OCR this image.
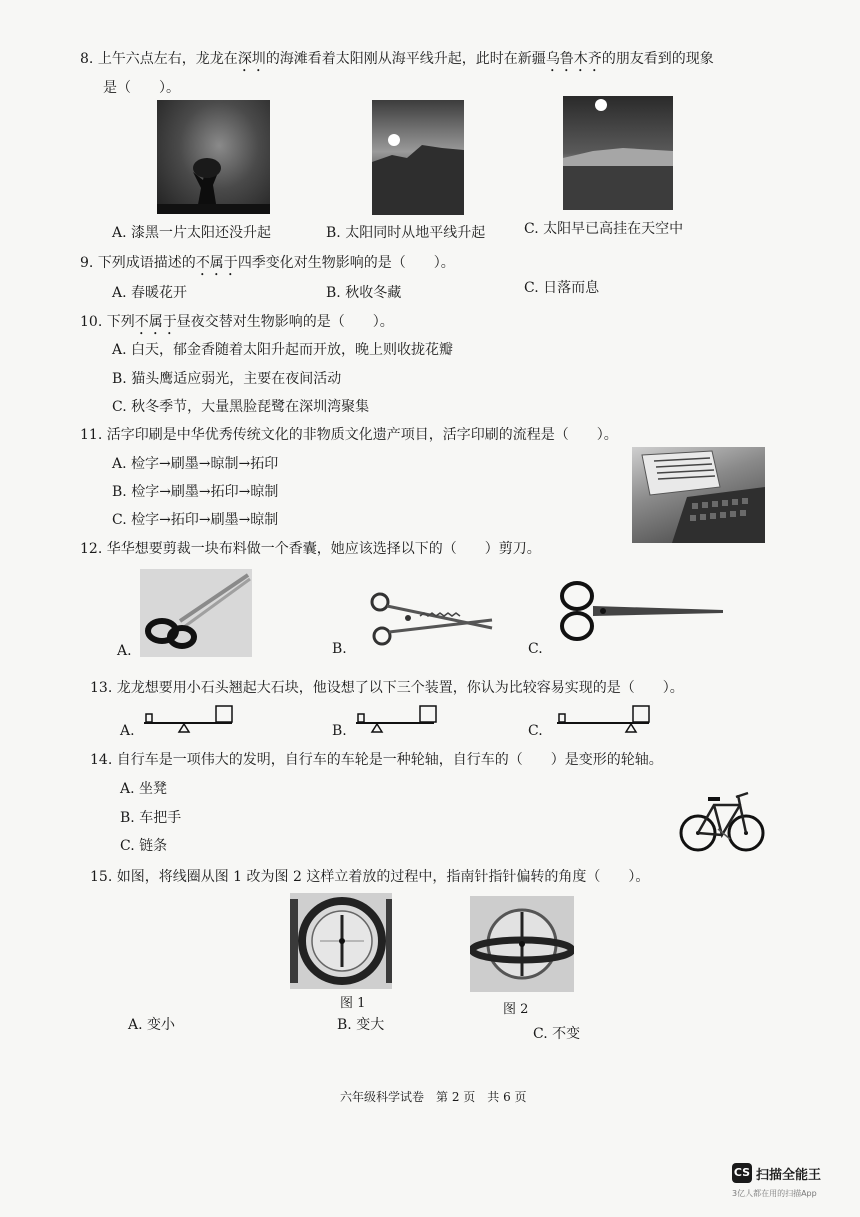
8. 上午六点左右，龙龙在深圳的海滩看着太阳刚从海平线升起，此时在新疆乌鲁木齐的朋友看到的现象
是（　　）。
A. 漆黑一片太阳还没升起	B. 太阳同时从地平线升起	C. 太阳早已高挂在天空中
9. 下列成语描述的不属于四季变化对生物影响的是（　　）。
A. 春暖花开	B. 秋收冬藏	C. 日落而息
10. 下列不属于昼夜交替对生物影响的是（　　）。
A. 白天，郁金香随着太阳升起而开放，晚上则收拢花瓣
B. 猫头鹰适应弱光，主要在夜间活动
C. 秋冬季节，大量黑脸琵鹭在深圳湾聚集
11. 活字印刷是中华优秀传统文化的非物质文化遗产项目，活字印刷的流程是（　　）。
A. 检字→刷墨→晾制→拓印
B. 检字→刷墨→拓印→晾制
C. 检字→拓印→刷墨→晾制
12. 华华想要剪裁一块布料做一个香囊，她应该选择以下的（　　）剪刀。
A.	B.	C.
13. 龙龙想要用小石头翘起大石块，他设想了以下三个装置，你认为比较容易实现的是（　　）。
A.	B.	C.
14. 自行车是一项伟大的发明，自行车的车轮是一种轮轴，自行车的（　　）是变形的轮轴。
A. 坐凳
B. 车把手
C. 链条
15. 如图，将线圈从图 1 改为图 2 这样立着放的过程中，指南针指针偏转的角度（　　）。
图 1	图 2
A. 变小	B. 变大
C. 不变
六年级科学试卷　第 2 页　共 6 页
CS 扫描全能王
3亿人都在用的扫描App
